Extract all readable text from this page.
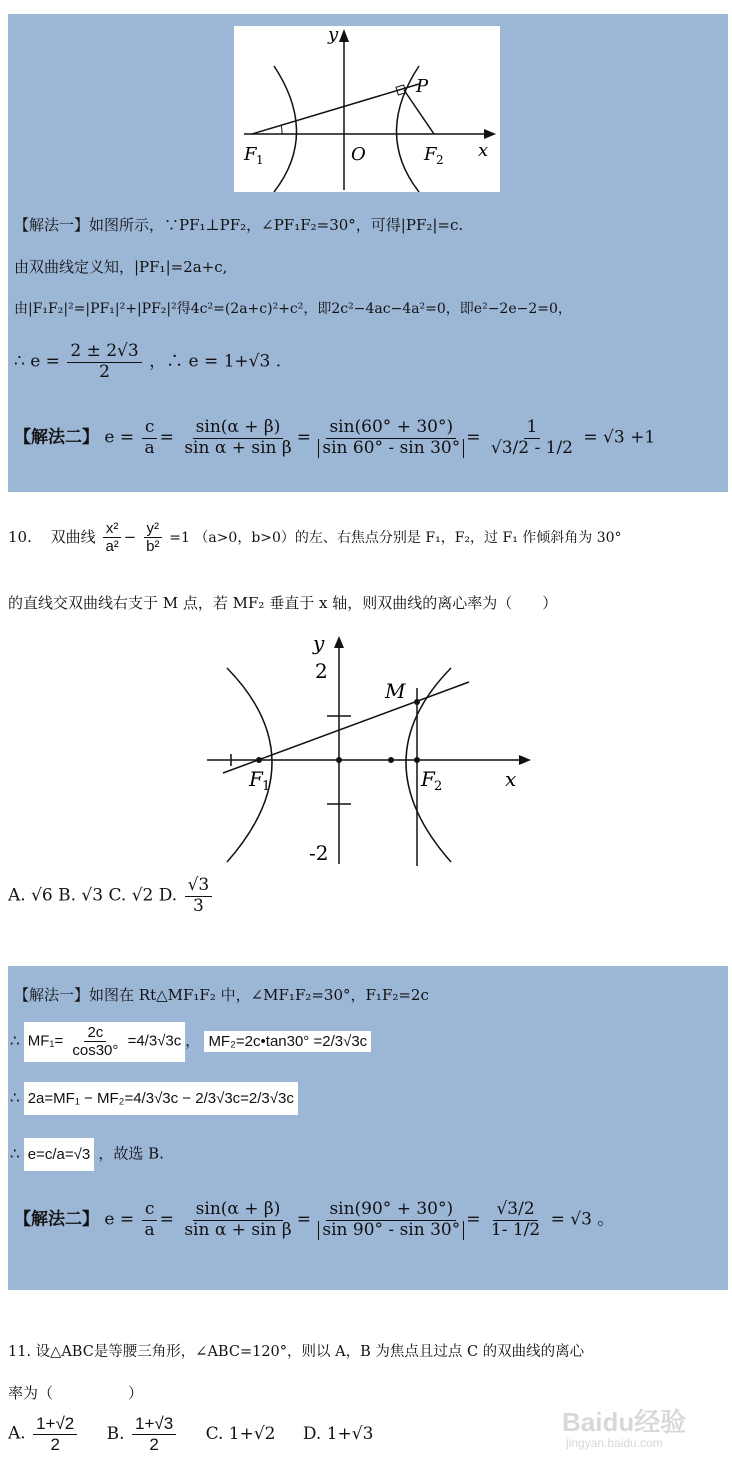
y
P
F 1	O	F 2 x
【解法一】如图所示，∵PF₁⊥PF₂，∠PF₁F₂=30°，可得|PF₂|=c.
由双曲线定义知，|PF₁|=2a+c,
由|F₁F₂|²=|PF₁|²+|PF₂|²得4c²=(2a+c)²+c²，即2c²−4ac−4a²=0，即e²−2e−2=0，
∴ $e = \frac{2 \pm 2√3}{2}$ ，∴ e = 1+√3 .
【解法二】 $e = \frac{c}{a} = \frac{\sin(\alpha + \beta)}{\text{sin α + sin β}} = \frac{\sin(60^\circ + 30^\circ)}{\sin 60^\circ - \sin 30^\circ} = \frac{1}{√3/2 - 1/2} = √3 +1$
10. 双曲线 $\frac{\text{x²}}{\text{a²}} - \frac{\text{y²}}{\text{b²}} =1$ （a>0，b>0）的左、右焦点分别是 F₁，F₂，过 F₁ 作倾斜角为 30°
的直线交双曲线右支于 M 点，若 MF₂ 垂直于 x 轴，则双曲线的离心率为（　　）
y
2
M
F 1	F 2	x
-2
A. √6 B. √3 C. √2 D. $\frac{√3}{3}$
【解法一】如图在 Rt△MF₁F₂ 中，∠MF₁F₂=30°，F₁F₂=2c
∴ $MF_1= \frac{2c}{\cos 30^\circ} =4/3√3c$ ， MF₂=2c•tan30° =2/3√3c
∴ 2a=MF₁ − MF₂=4/3√3c − 2/3√3c=2/3√3c
∴ e=c/a=√3 ，故选 B.
【解法二】 $e = \frac{c}{a} = \frac{\sin(\alpha + \beta)}{\text{sin α + sin β}} = \frac{\sin(90^\circ + 30^\circ)}{\sin 90^\circ - \sin 30^\circ} = \frac{√3/2}{1- 1/2} = √3$ 。
11. 设△ABC是等腰三角形，∠ABC=120°，则以 A，B 为焦点且过点 C 的双曲线的离心
率为（　　　　　）
A. $\frac{1+√2}{2} B$. $\frac{1+√3}{2} C$. 1+√2 D. 1+√3	Baidu经验
jingyan.baidu.com
